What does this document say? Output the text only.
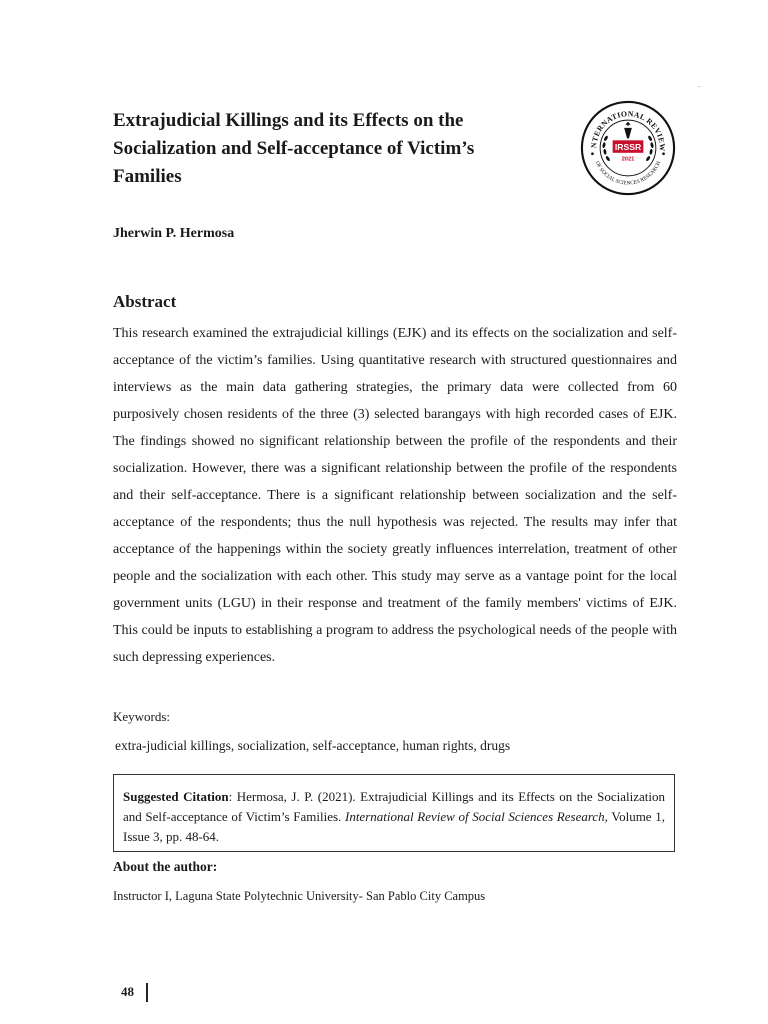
.
Extrajudicial Killings and its Effects on the Socialization and Self-acceptance of Victim’s Families
NTERNATIONAL REVIEW
OF SOCIAL SCIENCES RESEARCH
IRSSR
2021

Jherwin P. Hermosa

Abstract

This research examined the extrajudicial killings (EJK) and its effects on the socialization and self-acceptance of the victim’s families. Using quantitative research with structured questionnaires and interviews as the main data gathering strategies, the primary data were collected from 60 purposively chosen residents of the three (3) selected barangays with high recorded cases of EJK. The findings showed no significant relationship between the profile of the respondents and their socialization. However, there was a significant relationship between the profile of the respondents and their self-acceptance. There is a significant relationship between socialization and the self-acceptance of the respondents; thus the null hypothesis was rejected. The results may infer that acceptance of the happenings within the society greatly influences interrelation, treatment of other people and the socialization with each other. This study may serve as a vantage point for the local government units (LGU) in their response and treatment of the family members' victims of EJK. This could be inputs to establishing a program to address the psychological needs of the people with such depressing experiences.

Keywords:

extra-judicial killings, socialization, self-acceptance, human rights, drugs

Suggested Citation: Hermosa, J. P. (2021). Extrajudicial Killings and its Effects on the Socialization and Self-acceptance of Victim’s Families. International Review of Social Sciences Research, Volume 1, Issue 3, pp. 48-64.

About the author:

Instructor I, Laguna State Polytechnic University- San Pablo City Campus

48
